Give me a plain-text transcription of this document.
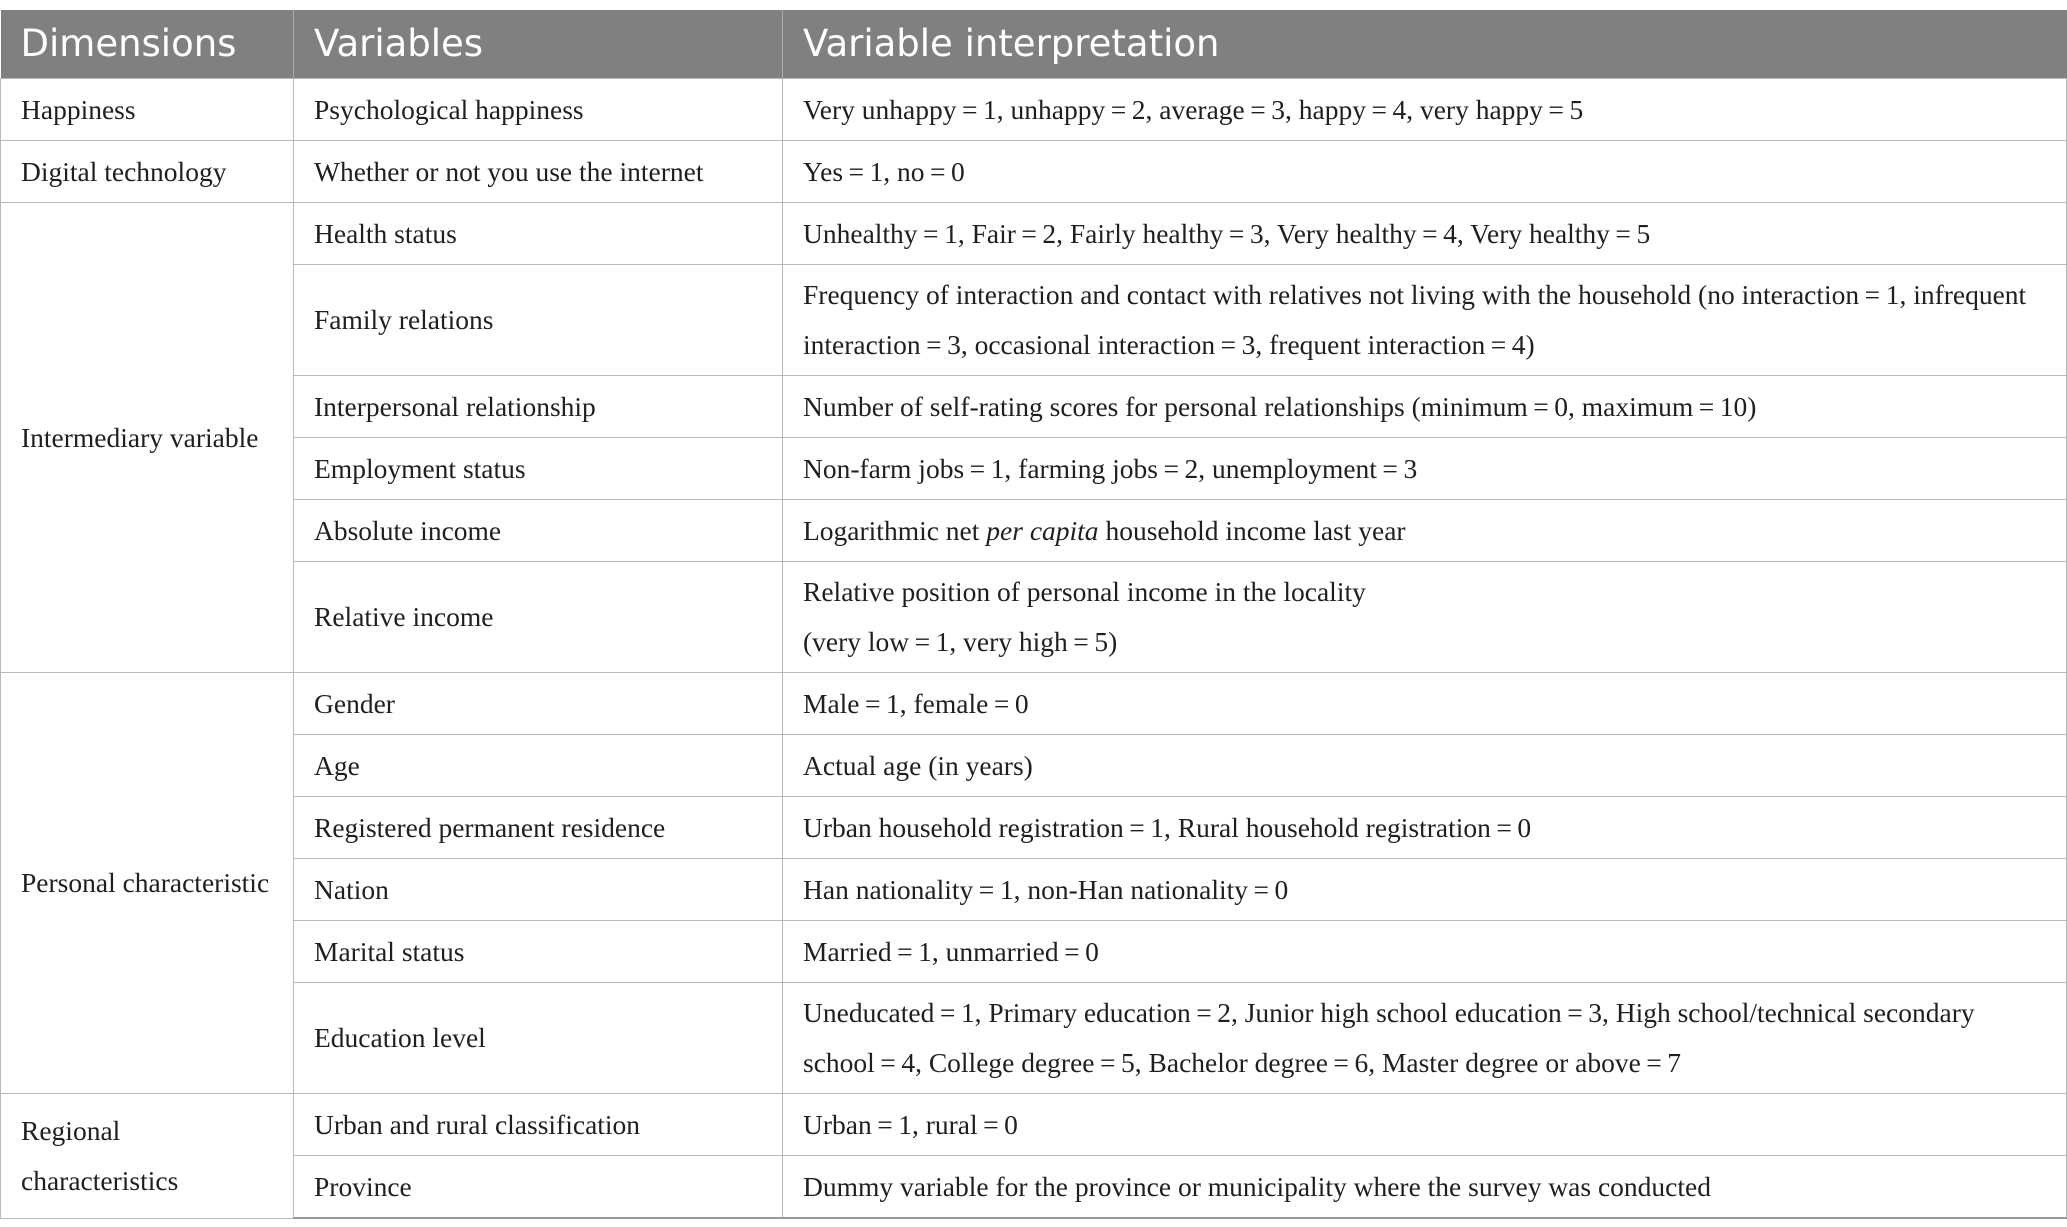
Dimensions	Variables	Variable interpretation
Happiness	Psychological happiness	Very unhappy = 1, unhappy = 2, average = 3, happy = 4, very happy = 5
Digital technology	Whether or not you use the internet	Yes = 1, no = 0
Intermediary variable	Health status	Unhealthy = 1, Fair = 2, Fairly healthy = 3, Very healthy = 4, Very healthy = 5
	Family relations	Frequency of interaction and contact with relatives not living with the household (no interaction = 1, infrequent interaction = 3, occasional interaction = 3, frequent interaction = 4)
	Interpersonal relationship	Number of self-rating scores for personal relationships (minimum = 0, maximum = 10)
	Employment status	Non-farm jobs = 1, farming jobs = 2, unemployment = 3
	Absolute income	Logarithmic net per capita household income last year
	Relative income	Relative position of personal income in the locality
(very low = 1, very high = 5)

Personal characteristic	Gender	Male = 1, female = 0
	Age	Actual age (in years)
	Registered permanent residence	Urban household registration = 1, Rural household registration = 0
	Nation	Han nationality = 1, non-Han nationality = 0
	Marital status	Married = 1, unmarried = 0
	Education level	Uneducated = 1, Primary education = 2, Junior high school education = 3, High school/technical secondary school = 4, College degree = 5, Bachelor degree = 6, Master degree or above = 7
Regional characteristics	Urban and rural classification	Urban = 1, rural = 0
	Province	Dummy variable for the province or municipality where the survey was conducted
